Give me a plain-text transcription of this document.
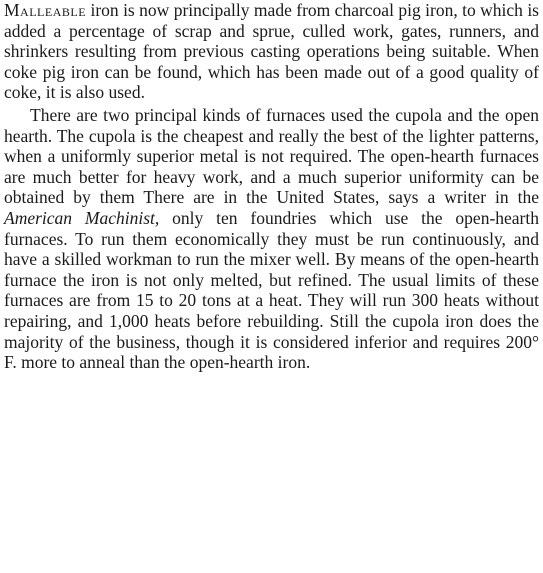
Malleable iron is now principally made from charcoal pig iron, to which is added a percentage of scrap and sprue, culled work, gates, runners, and shrinkers resulting from previous casting operations being suitable. When coke pig iron can be found, which has been made out of a good quality of coke, it is also used.

There are two principal kinds of furnaces used the cupola and the open hearth. The cupola is the cheapest and really the best of the lighter patterns, when a uniformly superior metal is not required. The open-hearth furnaces are much better for heavy work, and a much superior uniformity can be obtained by them There are in the United States, says a writer in the American Machinist, only ten foundries which use the open-hearth furnaces. To run them economically they must be run continuously, and have a skilled workman to run the mixer well. By means of the open-hearth furnace the iron is not only melted, but refined. The usual limits of these furnaces are from 15 to 20 tons at a heat. They will run 300 heats without repairing, and 1,000 heats before rebuilding. Still the cupola iron does the majority of the business, though it is considered inferior and requires 200° F. more to anneal than the open-hearth iron.
